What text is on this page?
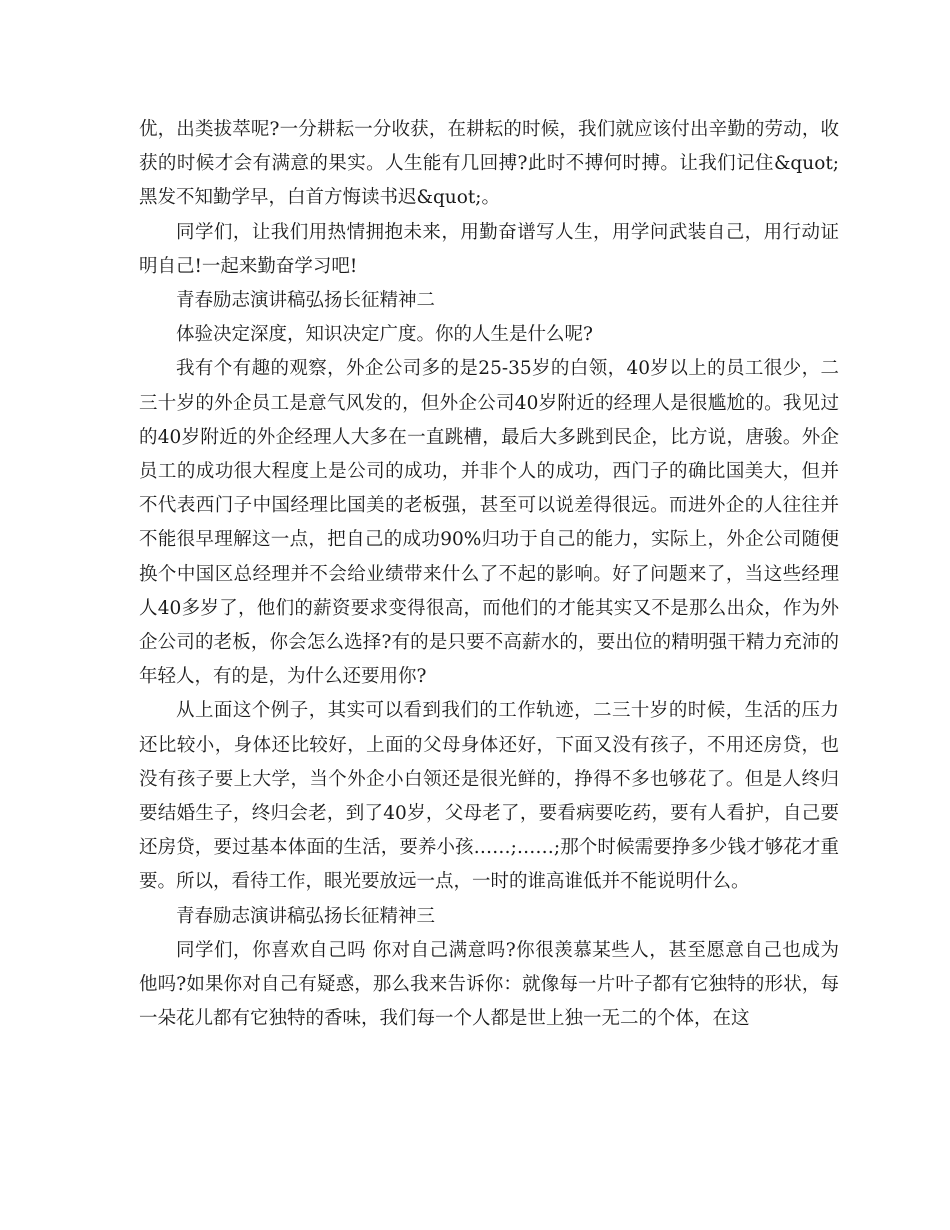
优，出类拔萃呢?一分耕耘一分收获，在耕耘的时候，我们就应该付出辛勤的劳动，收获的时候才会有满意的果实。人生能有几回搏?此时不搏何时搏。让我们记住&quot;黑发不知勤学早，白首方悔读书迟&quot;。

同学们，让我们用热情拥抱未来，用勤奋谱写人生，用学问武装自己，用行动证明自己!一起来勤奋学习吧!

青春励志演讲稿弘扬长征精神二

体验决定深度，知识决定广度。你的人生是什么呢?

我有个有趣的观察，外企公司多的是25-35岁的白领，40岁以上的员工很少，二三十岁的外企员工是意气风发的，但外企公司40岁附近的经理人是很尴尬的。我见过的40岁附近的外企经理人大多在一直跳槽，最后大多跳到民企，比方说，唐骏。外企员工的成功很大程度上是公司的成功，并非个人的成功，西门子的确比国美大，但并不代表西门子中国经理比国美的老板强，甚至可以说差得很远。而进外企的人往往并不能很早理解这一点，把自己的成功90%归功于自己的能力，实际上，外企公司随便换个中国区总经理并不会给业绩带来什么了不起的影响。好了问题来了，当这些经理人40多岁了，他们的薪资要求变得很高，而他们的才能其实又不是那么出众，作为外企公司的老板，你会怎么选择?有的是只要不高薪水的，要出位的精明强干精力充沛的年轻人，有的是，为什么还要用你?

从上面这个例子，其实可以看到我们的工作轨迹，二三十岁的时候，生活的压力还比较小，身体还比较好，上面的父母身体还好，下面又没有孩子，不用还房贷，也没有孩子要上大学，当个外企小白领还是很光鲜的，挣得不多也够花了。但是人终归要结婚生子，终归会老，到了40岁，父母老了，要看病要吃药，要有人看护，自己要还房贷，要过基本体面的生活，要养小孩……;……;那个时候需要挣多少钱才够花才重要。所以，看待工作，眼光要放远一点，一时的谁高谁低并不能说明什么。

青春励志演讲稿弘扬长征精神三

同学们，你喜欢自己吗 你对自己满意吗?你很羡慕某些人，甚至愿意自己也成为他吗?如果你对自己有疑惑，那么我来告诉你：就像每一片叶子都有它独特的形状，每一朵花儿都有它独特的香味，我们每一个人都是世上独一无二的个体，在这
